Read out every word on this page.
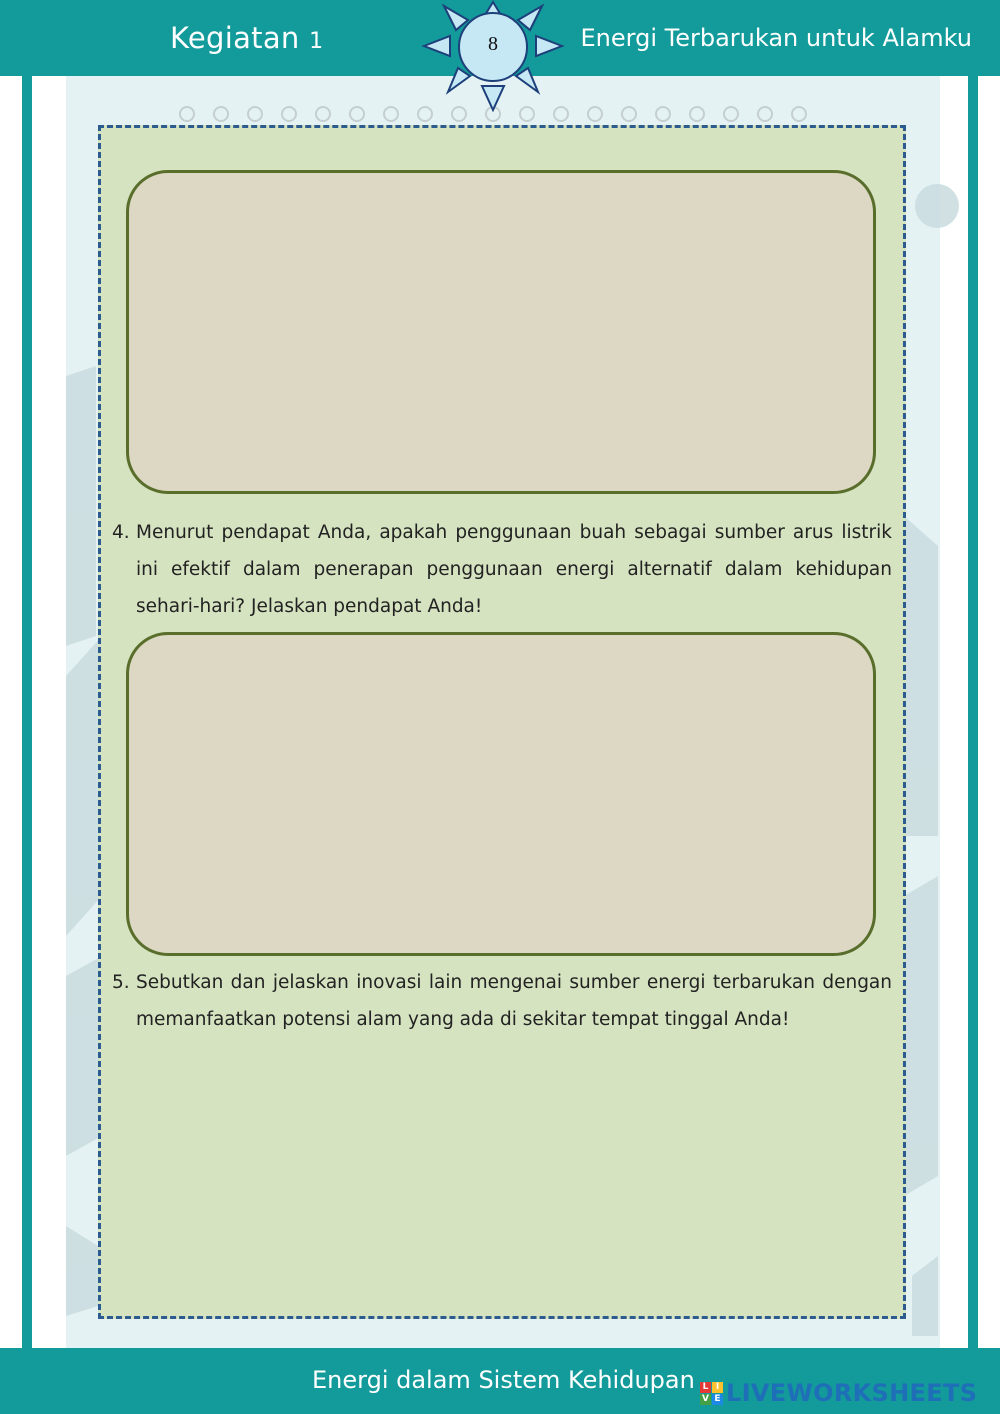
Kegiatan 1	Energi Terbarukan untuk Alamku
8
4. Menurut pendapat Anda, apakah penggunaan buah sebagai sumber arus listrik ini efektif dalam penerapan penggunaan energi alternatif dalam kehidupan sehari-hari? Jelaskan pendapat Anda!
5. Sebutkan dan jelaskan inovasi lain mengenai sumber energi terbarukan dengan memanfaatkan potensi alam yang ada di sekitar tempat tinggal Anda!
Energi dalam Sistem Kehidupan L I
V E LIVEWORKSHEETS
